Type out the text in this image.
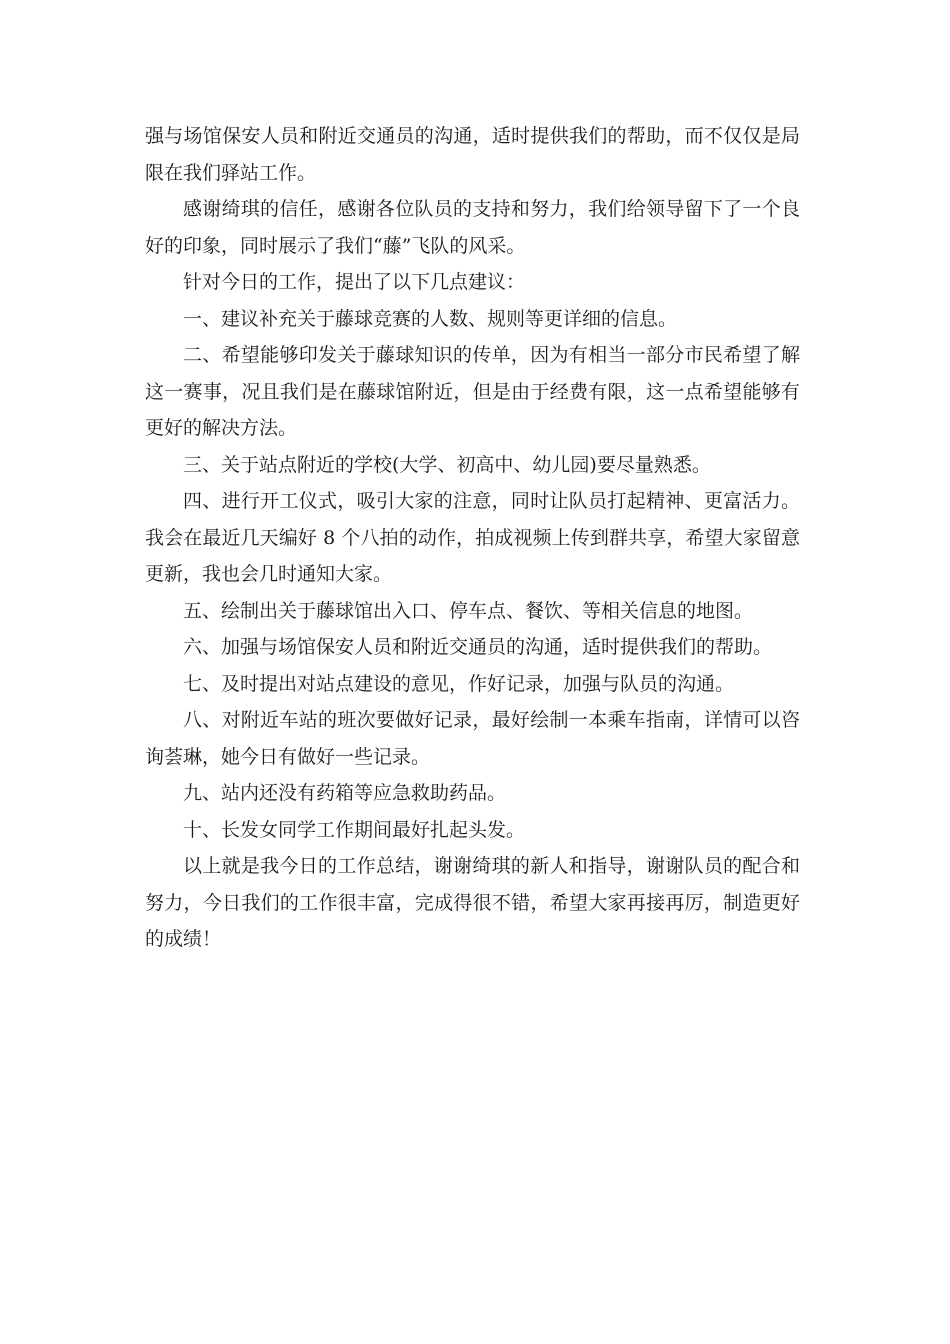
强与场馆保安人员和附近交通员的沟通，适时提供我们的帮助，而不仅仅是局限在我们驿站工作。

感谢绮琪的信任，感谢各位队员的支持和努力，我们给领导留下了一个良好的印象，同时展示了我们“藤”飞队的风采。

针对今日的工作，提出了以下几点建议：

一、建议补充关于藤球竞赛的人数、规则等更详细的信息。

二、希望能够印发关于藤球知识的传单，因为有相当一部分市民希望了解这一赛事，况且我们是在藤球馆附近，但是由于经费有限，这一点希望能够有更好的解决方法。

三、关于站点附近的学校(大学、初高中、幼儿园)要尽量熟悉。

四、进行开工仪式，吸引大家的注意，同时让队员打起精神、更富活力。我会在最近几天编好 8 个八拍的动作，拍成视频上传到群共享，希望大家留意更新，我也会几时通知大家。

五、绘制出关于藤球馆出入口、停车点、餐饮、等相关信息的地图。

六、加强与场馆保安人员和附近交通员的沟通，适时提供我们的帮助。

七、及时提出对站点建设的意见，作好记录，加强与队员的沟通。

八、对附近车站的班次要做好记录，最好绘制一本乘车指南，详情可以咨询荟琳，她今日有做好一些记录。

九、站内还没有药箱等应急救助药品。

十、长发女同学工作期间最好扎起头发。

以上就是我今日的工作总结，谢谢绮琪的新人和指导，谢谢队员的配合和努力，今日我们的工作很丰富，完成得很不错，希望大家再接再厉，制造更好的成绩！
